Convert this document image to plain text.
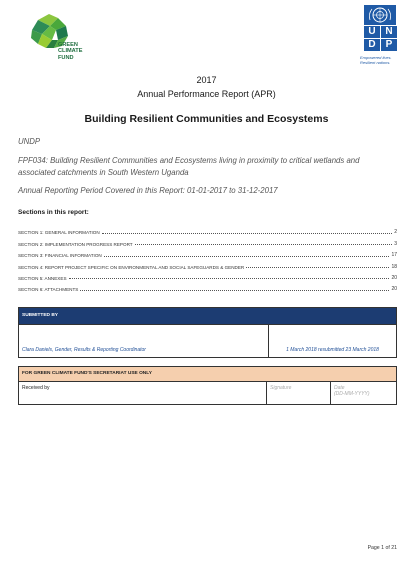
GREEN
CLIMATE
FUND
U N
D	P
Empowered lives.
Resilient nations.
2017
Annual Performance Report (APR)
Building Resilient Communities and Ecosystems
UNDP
FPF034: Building Resilient Communities and Ecosystems living in proximity to critical wetlands and associated catchments in South Western Uganda
Annual Reporting Period Covered in this Report: 01-01-2017 to 31-12-2017
Sections in this report:
SECTION 1: GENERAL INFORMATION	2
SECTION 2: IMPLEMENTATION PROGRESS REPORT	3
SECTION 3: FINANCIAL INFORMATION	17
SECTION 4: REPORT PROJECT SPECIFIC ON ENVIRONMENTAL AND SOCIAL SAFEGUARDS & GENDER	18
SECTION 5: ANNEXES	20
SECTION 6: ATTACHMENTS	20
SUBMITTED BY
Clara Daniels, Gender, Results & Reporting Coordinator	1 March 2018 resubmitted 23 March 2018
FOR GREEN CLIMATE FUND'S SECRETARIAT USE ONLY
Received by	Signature	Date
(DD-MM-YYYY)
Page 1 of 21
